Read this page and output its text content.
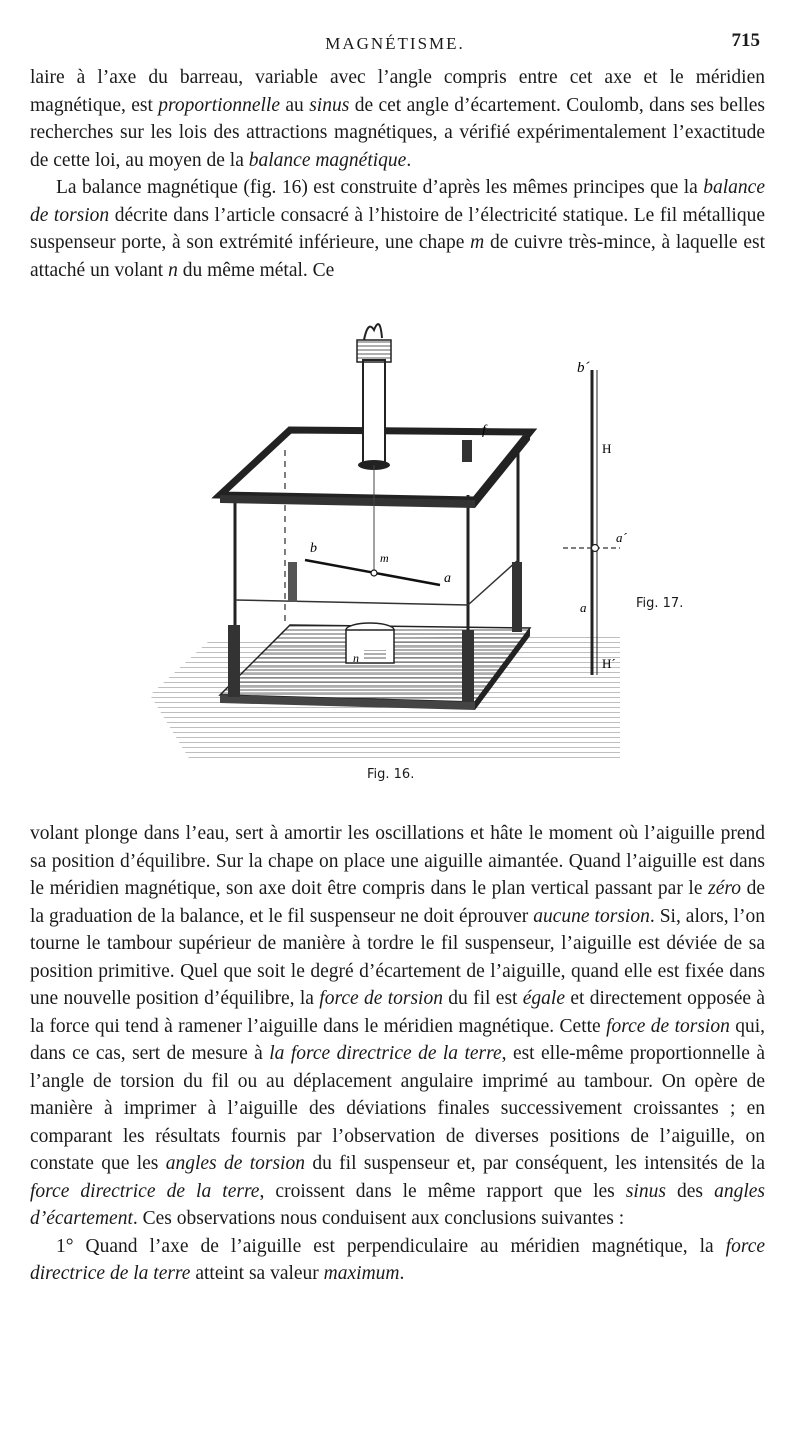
MAGNÉTISME.	715

laire à l’axe du barreau, variable avec l’angle compris entre cet axe et le méridien magnétique, est proportionnelle au sinus de cet angle d’écartement. Coulomb, dans ses belles recherches sur les lois des attractions magnétiques, a vérifié expérimentalement l’exactitude de cette loi, au moyen de la balance magnétique.

La balance magnétique (fig. 16) est construite d’après les mêmes principes que la balance de torsion décrite dans l’article consacré à l’histoire de l’électricité statique. Le fil métallique suspenseur porte, à son extrémité inférieure, une chape m de cuivre très-mince, à laquelle est attaché un volant n du même métal. Ce

f
b
m
a
n
b´
H
a´
a
H´
Fig. 16.
Fig. 17.

volant plonge dans l’eau, sert à amortir les oscillations et hâte le moment où l’aiguille prend sa position d’équilibre. Sur la chape on place une aiguille aimantée. Quand l’aiguille est dans le méridien magnétique, son axe doit être compris dans le plan vertical passant par le zéro de la graduation de la balance, et le fil suspenseur ne doit éprouver aucune torsion. Si, alors, l’on tourne le tambour supérieur de manière à tordre le fil suspenseur, l’aiguille est déviée de sa position primitive. Quel que soit le degré d’écartement de l’aiguille, quand elle est fixée dans une nouvelle position d’équilibre, la force de torsion du fil est égale et directement opposée à la force qui tend à ramener l’aiguille dans le méridien magnétique. Cette force de torsion qui, dans ce cas, sert de mesure à la force directrice de la terre, est elle-même proportionnelle à l’angle de torsion du fil ou au déplacement angulaire imprimé au tambour. On opère de manière à imprimer à l’aiguille des déviations finales successivement croissantes ; en comparant les résultats fournis par l’observation de diverses positions de l’aiguille, on constate que les angles de torsion du fil suspenseur et, par conséquent, les intensités de la force directrice de la terre, croissent dans le même rapport que les sinus des angles d’écartement. Ces observations nous conduisent aux conclusions suivantes :

1° Quand l’axe de l’aiguille est perpendiculaire au méridien magnétique, la force directrice de la terre atteint sa valeur maximum.
